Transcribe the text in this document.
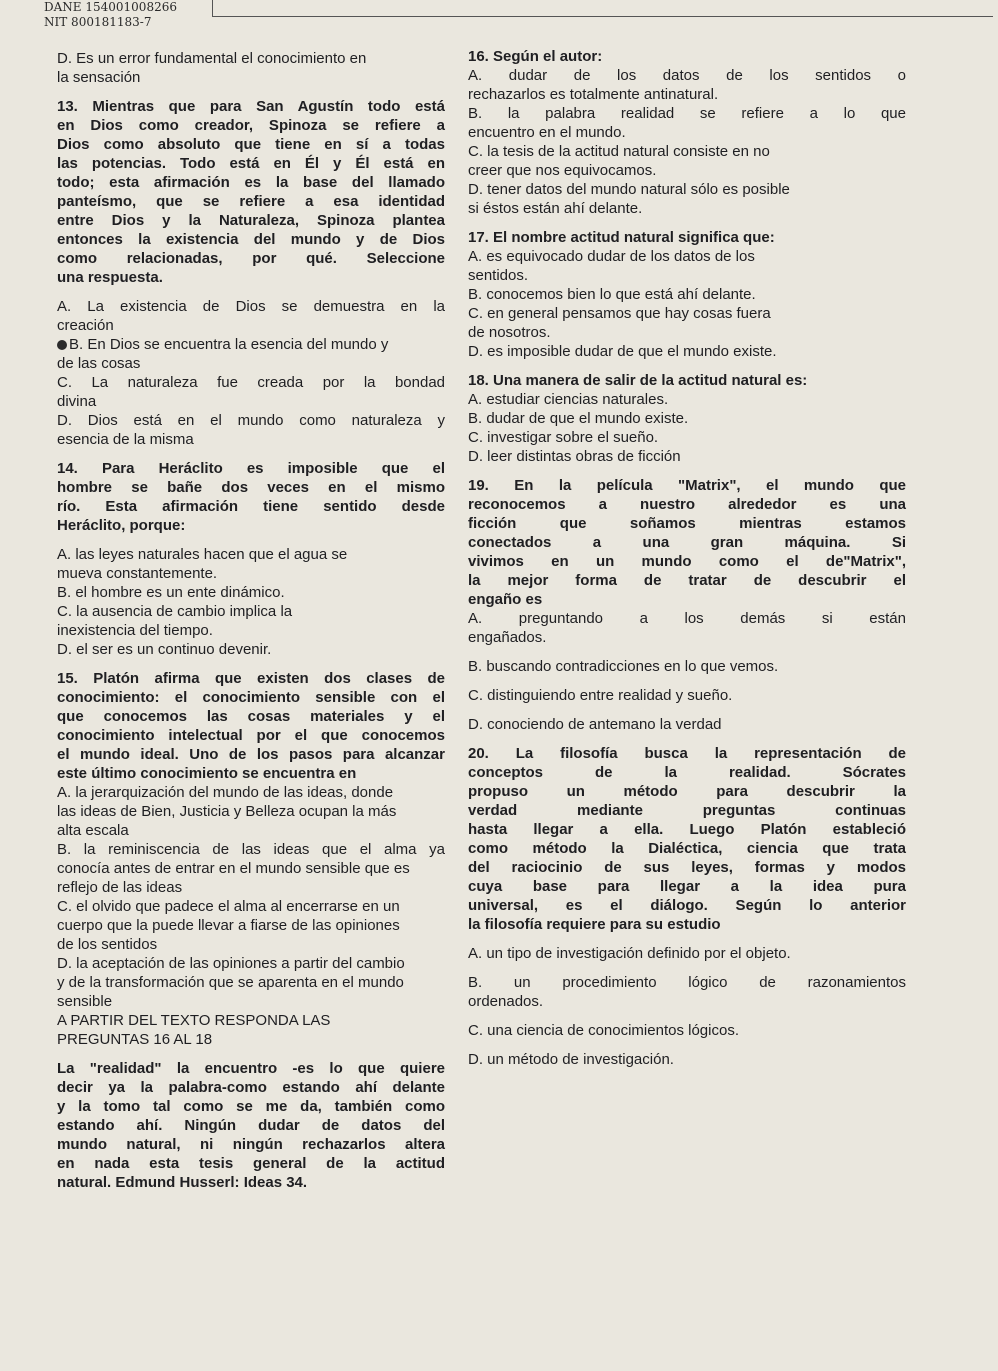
DANE 154001008266
NIT 800181183-7
D. Es un error fundamental el conocimiento en
la sensación
13. Mientras que para San Agustín todo está
en Dios como creador, Spinoza se refiere a
Dios como absoluto que tiene en sí a todas
las potencias. Todo está en Él y Él está en
todo; esta afirmación es la base del llamado
panteísmo, que se refiere a esa identidad
entre Dios y la Naturaleza, Spinoza plantea
entonces la existencia del mundo y de Dios
como relacionadas, por qué. Seleccione
una respuesta.
A. La existencia de Dios se demuestra en la
creación
B. En Dios se encuentra la esencia del mundo y
de las cosas
C. La naturaleza fue creada por la bondad
divina
D. Dios está en el mundo como naturaleza y
esencia de la misma
14. Para Heráclito es imposible que el
hombre se bañe dos veces en el mismo
río. Esta afirmación tiene sentido desde
Heráclito, porque:
A. las leyes naturales hacen que el agua se
mueva constantemente.
B. el hombre es un ente dinámico.
C. la ausencia de cambio implica la
inexistencia del tiempo.
D. el ser es un continuo devenir.
15. Platón afirma que existen dos clases de
conocimiento: el conocimiento sensible con el
que conocemos las cosas materiales y el
conocimiento intelectual por el que conocemos
el mundo ideal. Uno de los pasos para alcanzar
este último conocimiento se encuentra en
A. la jerarquización del mundo de las ideas, donde
las ideas de Bien, Justicia y Belleza ocupan la más
alta escala
B. la reminiscencia de las ideas que el alma ya
conocía antes de entrar en el mundo sensible que es
reflejo de las ideas
C. el olvido que padece el alma al encerrarse en un
cuerpo que la puede llevar a fiarse de las opiniones
de los sentidos
D. la aceptación de las opiniones a partir del cambio
y de la transformación que se aparenta en el mundo
sensible
A PARTIR DEL TEXTO RESPONDA LAS
PREGUNTAS 16 AL 18
La "realidad" la encuentro -es lo que quiere
decir ya la palabra-como estando ahí delante
y la tomo tal como se me da, también como
estando ahí. Ningún dudar de datos del
mundo natural, ni ningún rechazarlos altera
en nada esta tesis general de la actitud
natural. Edmund Husserl: Ideas 34.
16. Según el autor:
A. dudar de los datos de los sentidos o
rechazarlos es totalmente antinatural.
B. la palabra realidad se refiere a lo que
encuentro en el mundo.
C. la tesis de la actitud natural consiste en no
creer que nos equivocamos.
D. tener datos del mundo natural sólo es posible
si éstos están ahí delante.
17. El nombre actitud natural significa que:
A. es equivocado dudar de los datos de los
sentidos.
B. conocemos bien lo que está ahí delante.
C. en general pensamos que hay cosas fuera
de nosotros.
D. es imposible dudar de que el mundo existe.
18. Una manera de salir de la actitud natural es:
A. estudiar ciencias naturales.
B. dudar de que el mundo existe.
C. investigar sobre el sueño.
D. leer distintas obras de ficción
19. En la película "Matrix", el mundo que
reconocemos a nuestro alrededor es una
ficción que soñamos mientras estamos
conectados a una gran máquina. Si
vivimos en un mundo como el de"Matrix",
la mejor forma de tratar de descubrir el
engaño es
A. preguntando a los demás si están
engañados.
B. buscando contradicciones en lo que vemos.
C. distinguiendo entre realidad y sueño.
D. conociendo de antemano la verdad
20. La filosofía busca la representación de
conceptos de la realidad. Sócrates
propuso un método para descubrir la
verdad mediante preguntas continuas
hasta llegar a ella. Luego Platón estableció
como método la Dialéctica, ciencia que trata
del raciocinio de sus leyes, formas y modos
cuya base para llegar a la idea pura
universal, es el diálogo. Según lo anterior
la filosofía requiere para su estudio
A. un tipo de investigación definido por el objeto.
B. un procedimiento lógico de razonamientos
ordenados.
C. una ciencia de conocimientos lógicos.
D. un método de investigación.
